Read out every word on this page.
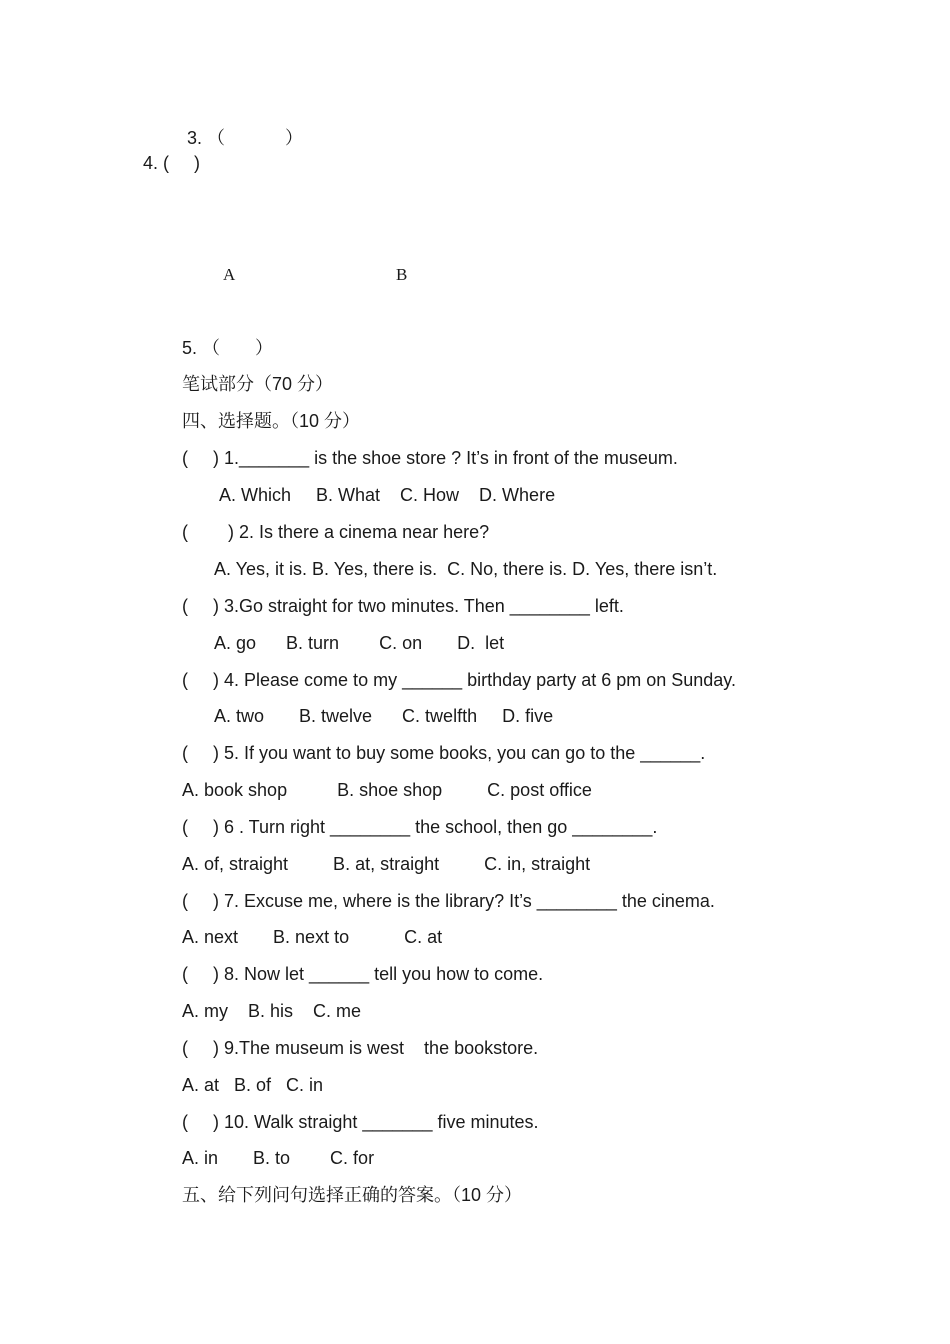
3. （            ）
4. (     )
A	B
5. （       ）
笔试部分（70 分）
四、选择题。（10 分）
(     ) 1._______ is the shoe store ? It’s in front of the museum.
A. Which     B. What    C. How    D. Where
(        ) 2. Is there a cinema near here?
A. Yes, it is. B. Yes, there is.  C. No, there is. D. Yes, there isn’t.
(     ) 3.Go straight for two minutes. Then ________ left.
A. go      B. turn        C. on       D.  let
(     ) 4. Please come to my ______ birthday party at 6 pm on Sunday.
A. two       B. twelve      C. twelfth     D. five
(     ) 5. If you want to buy some books, you can go to the ______.
A. book shop          B. shoe shop         C. post office
(     ) 6 . Turn right ________ the school, then go ________.
A. of, straight         B. at, straight         C. in, straight
(     ) 7. Excuse me, where is the library? It’s ________ the cinema.
A. next       B. next to           C. at
(     ) 8. Now let ______ tell you how to come.
A. my    B. his    C. me
(     ) 9.The museum is west    the bookstore.
A. at   B. of   C. in
(     ) 10. Walk straight _______ five minutes.
A. in       B. to        C. for
五、给下列问句选择正确的答案。（10 分）
